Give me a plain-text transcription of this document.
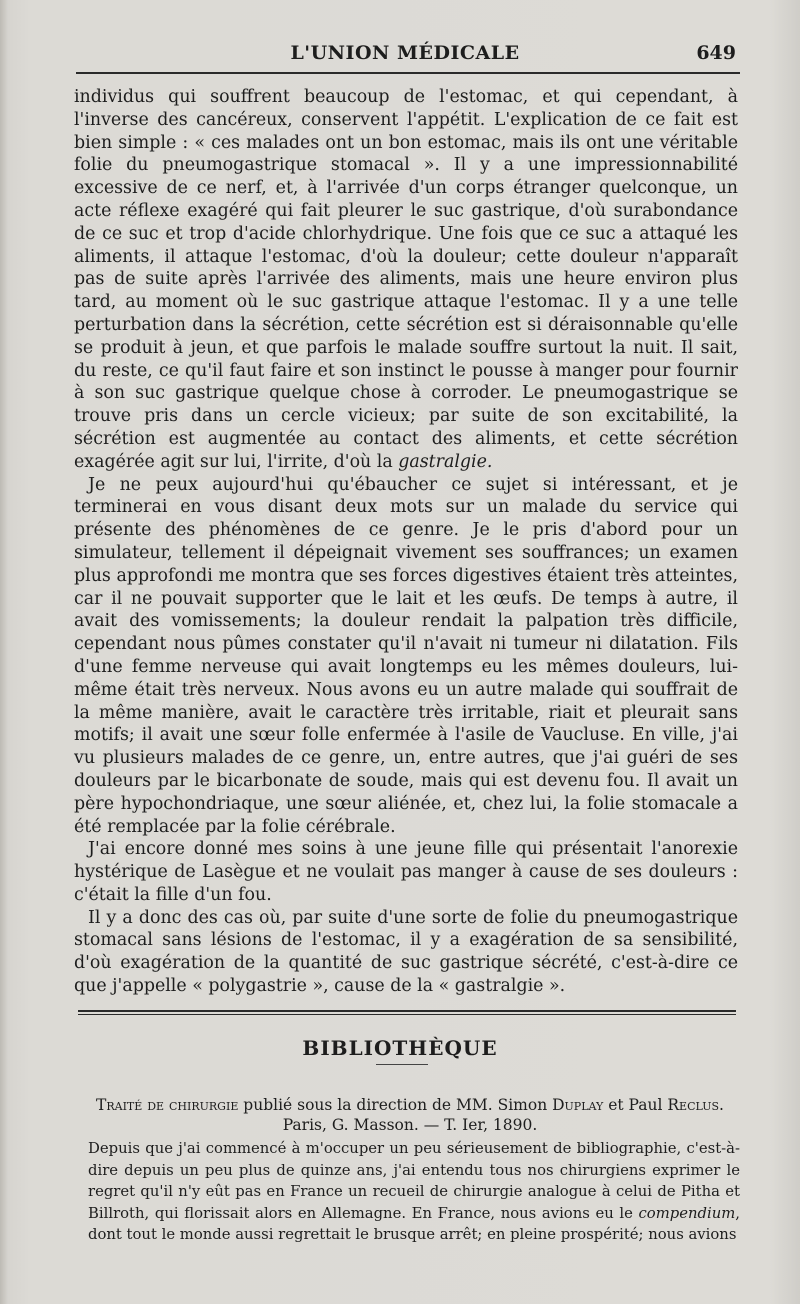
L'UNION MÉDICALE	649

individus qui souffrent beaucoup de l'estomac, et qui cependant, à l'inverse des cancéreux, conservent l'appétit. L'explication de ce fait est bien simple : « ces malades ont un bon estomac, mais ils ont une véritable folie du pneumogastrique stomacal ». Il y a une impressionnabilité excessive de ce nerf, et, à l'arrivée d'un corps étranger quelconque, un acte réflexe exagéré qui fait pleurer le suc gastrique, d'où surabondance de ce suc et trop d'acide chlorhydrique. Une fois que ce suc a attaqué les aliments, il attaque l'estomac, d'où la douleur; cette douleur n'apparaît pas de suite après l'arrivée des aliments, mais une heure environ plus tard, au moment où le suc gastrique attaque l'estomac. Il y a une telle perturbation dans la sécrétion, cette sécrétion est si déraisonnable qu'elle se produit à jeun, et que parfois le malade souffre surtout la nuit. Il sait, du reste, ce qu'il faut faire et son instinct le pousse à manger pour fournir à son suc gastrique quelque chose à corroder. Le pneumogastrique se trouve pris dans un cercle vicieux; par suite de son excitabilité, la sécrétion est augmentée au contact des aliments, et cette sécrétion exagérée agit sur lui, l'irrite, d'où la gastralgie.

Je ne peux aujourd'hui qu'ébaucher ce sujet si intéressant, et je terminerai en vous disant deux mots sur un malade du service qui présente des phénomènes de ce genre. Je le pris d'abord pour un simulateur, tellement il dépeignait vivement ses souffrances; un examen plus approfondi me montra que ses forces digestives étaient très atteintes, car il ne pouvait supporter que le lait et les œufs. De temps à autre, il avait des vomissements; la douleur rendait la palpation très difficile, cependant nous pûmes constater qu'il n'avait ni tumeur ni dilatation. Fils d'une femme nerveuse qui avait longtemps eu les mêmes douleurs, lui-même était très nerveux. Nous avons eu un autre malade qui souffrait de la même manière, avait le caractère très irritable, riait et pleurait sans motifs; il avait une sœur folle enfermée à l'asile de Vaucluse. En ville, j'ai vu plusieurs malades de ce genre, un, entre autres, que j'ai guéri de ses douleurs par le bicarbonate de soude, mais qui est devenu fou. Il avait un père hypochondriaque, une sœur aliénée, et, chez lui, la folie stomacale a été remplacée par la folie cérébrale.

J'ai encore donné mes soins à une jeune fille qui présentait l'anorexie hystérique de Lasègue et ne voulait pas manger à cause de ses douleurs : c'était la fille d'un fou.

Il y a donc des cas où, par suite d'une sorte de folie du pneumogastrique stomacal sans lésions de l'estomac, il y a exagération de sa sensibilité, d'où exagération de la quantité de suc gastrique sécrété, c'est-à-dire ce que j'appelle « polygastrie », cause de la « gastralgie ».

BIBLIOTHÈQUE
Traité de chirurgie publié sous la direction de MM. Simon Duplay et Paul Reclus.
Paris, G. Masson. — T. Ier, 1890.

Depuis que j'ai commencé à m'occuper un peu sérieusement de bibliographie, c'est-à-dire depuis un peu plus de quinze ans, j'ai entendu tous nos chirurgiens exprimer le regret qu'il n'y eût pas en France un recueil de chirurgie analogue à celui de Pitha et Billroth, qui florissait alors en Allemagne. En France, nous avions eu le compendium, dont tout le monde aussi regrettait le brusque arrêt; en pleine prospérité; nous avions
